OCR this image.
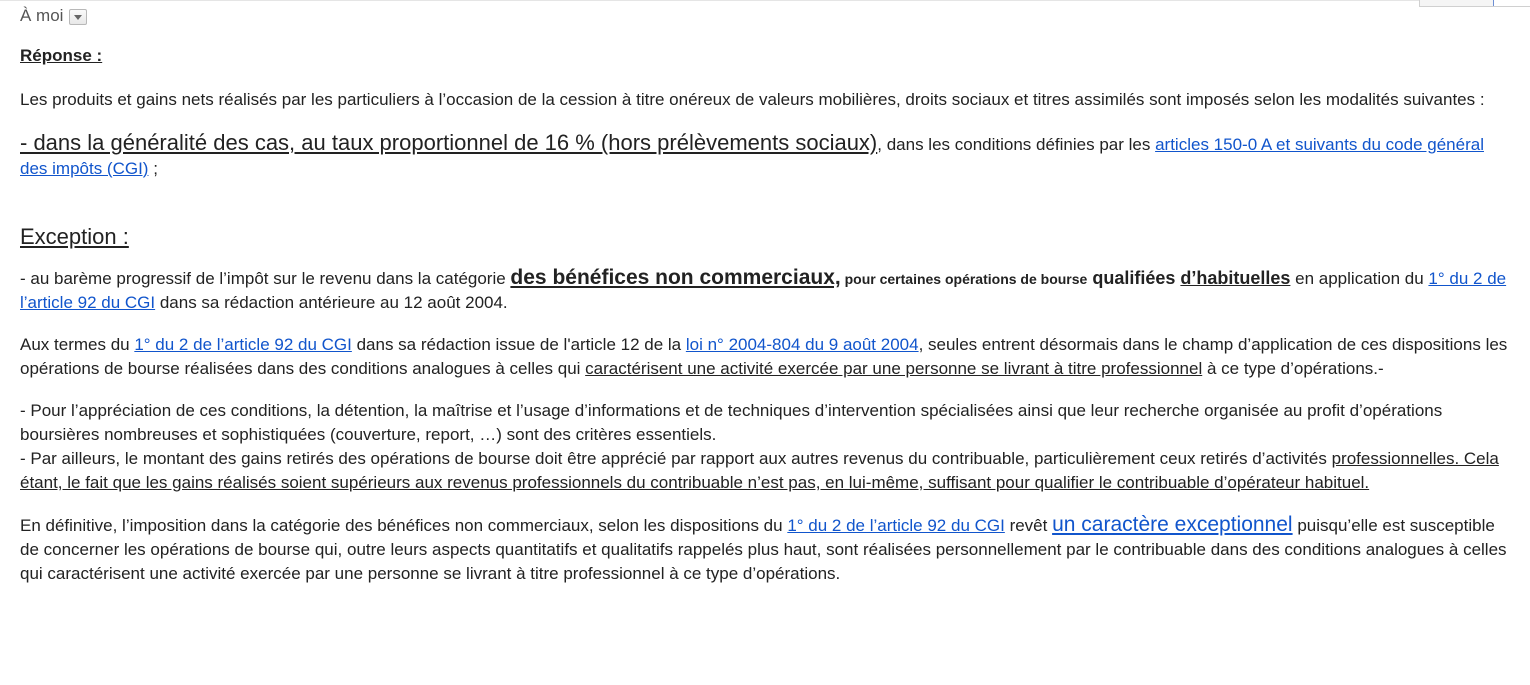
À moi

Réponse :

Les produits et gains nets réalisés par les particuliers à l’occasion de la cession à titre onéreux de valeurs mobilières, droits sociaux et titres assimilés sont imposés selon les modalités suivantes :

- dans la généralité des cas, au taux proportionnel de 16 % (hors prélèvements sociaux), dans les conditions définies par les articles 150-0 A et suivants du code général des impôts (CGI) ;

Exception :

- au barème progressif de l’impôt sur le revenu dans la catégorie des bénéfices non commerciaux, pour certaines opérations de bourse qualifiées d’habituelles en application du 1° du 2 de l’article 92 du CGI dans sa rédaction antérieure au 12 août 2004.

Aux termes du 1° du 2 de l’article 92 du CGI dans sa rédaction issue de l'article 12 de la loi n° 2004-804 du 9 août 2004, seules entrent désormais dans le champ d’application de ces dispositions les opérations de bourse réalisées dans des conditions analogues à celles qui caractérisent une activité exercée par une personne se livrant à titre professionnel à ce type d’opérations.-

- Pour l’appréciation de ces conditions, la détention, la maîtrise et l’usage d’informations et de techniques d’intervention spécialisées ainsi que leur recherche organisée au profit d’opérations boursières nombreuses et sophistiquées (couverture, report, …) sont des critères essentiels.

- Par ailleurs, le montant des gains retirés des opérations de bourse doit être apprécié par rapport aux autres revenus du contribuable, particulièrement ceux retirés d’activités professionnelles. Cela étant, le fait que les gains réalisés soient supérieurs aux revenus professionnels du contribuable n’est pas, en lui-même, suffisant pour qualifier le contribuable d’opérateur habituel.

En définitive, l’imposition dans la catégorie des bénéfices non commerciaux, selon les dispositions du 1° du 2 de l’article 92 du CGI revêt un caractère exceptionnel puisqu’elle est susceptible de concerner les opérations de bourse qui, outre leurs aspects quantitatifs et qualitatifs rappelés plus haut, sont réalisées personnellement par le contribuable dans des conditions analogues à celles qui caractérisent une activité exercée par une personne se livrant à titre professionnel à ce type d’opérations.
